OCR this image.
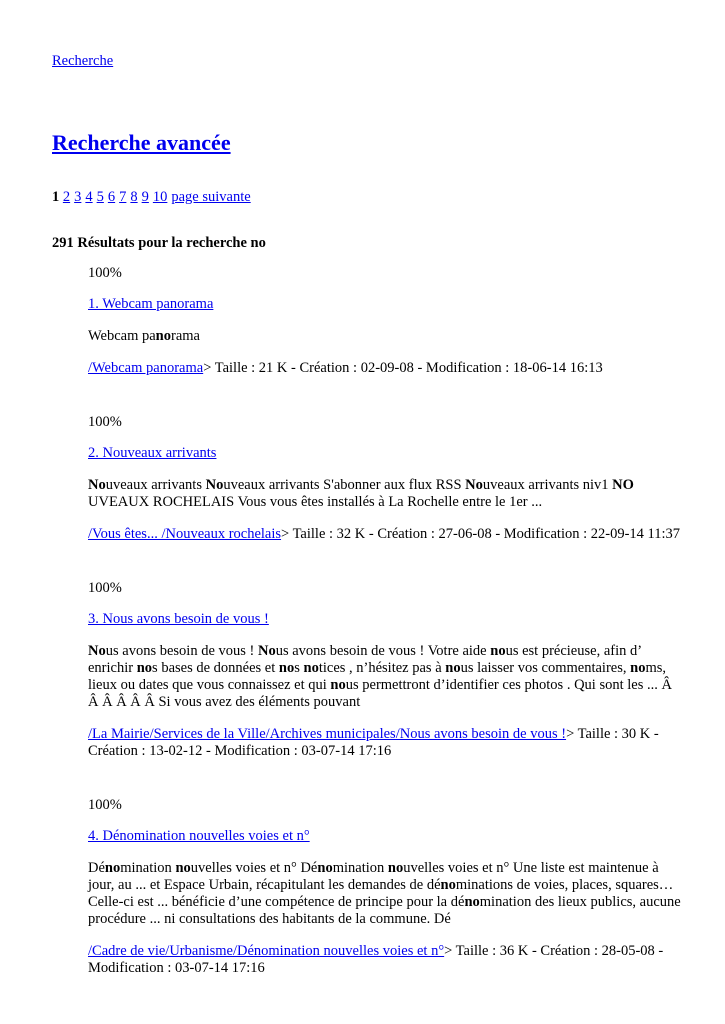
Recherche
Recherche avancée
1 2 3 4 5 6 7 8 9 10 page suivante
291 Résultats pour la recherche no

100%

1. Webcam panorama

Webcam panorama

/Webcam panorama> Taille : 21 K - Création : 02-09-08 - Modification : 18-06-14 16:13

100%

2. Nouveaux arrivants

Nouveaux arrivants Nouveaux arrivants S'abonner aux flux RSS Nouveaux arrivants niv1 NO UVEAUX ROCHELAIS Vous vous êtes installés à La Rochelle entre le 1er ...

/Vous êtes... /Nouveaux rochelais> Taille : 32 K - Création : 27-06-08 - Modification : 22-09-14 11:37

100%

3. Nous avons besoin de vous !

Nous avons besoin de vous ! Nous avons besoin de vous ! Votre aide nous est précieuse, afin d’ enrichir nos bases de données et nos notices , n’hésitez pas à nous laisser vos commentaires, noms, lieux ou dates que vous connaissez et qui nous permettront d’identifier ces photos . Qui sont les ... Â Â Â Â Â Â Si vous avez des éléments pouvant

/La Mairie/Services de la Ville/Archives municipales/Nous avons besoin de vous !> Taille : 30 K - Création : 13-02-12 - Modification : 03-07-14 17:16

100%

4. Dénomination nouvelles voies et n°

Dénomination nouvelles voies et n° Dénomination nouvelles voies et n° Une liste est maintenue à jour, au ... et Espace Urbain, récapitulant les demandes de dénominations de voies, places, squares… Celle-ci est ... bénéficie d’une compétence de principe pour la dénomination des lieux publics, aucune procédure ... ni consultations des habitants de la commune. Dé

/Cadre de vie/Urbanisme/Dénomination nouvelles voies et n°> Taille : 36 K - Création : 28-05-08 - Modification : 03-07-14 17:16
